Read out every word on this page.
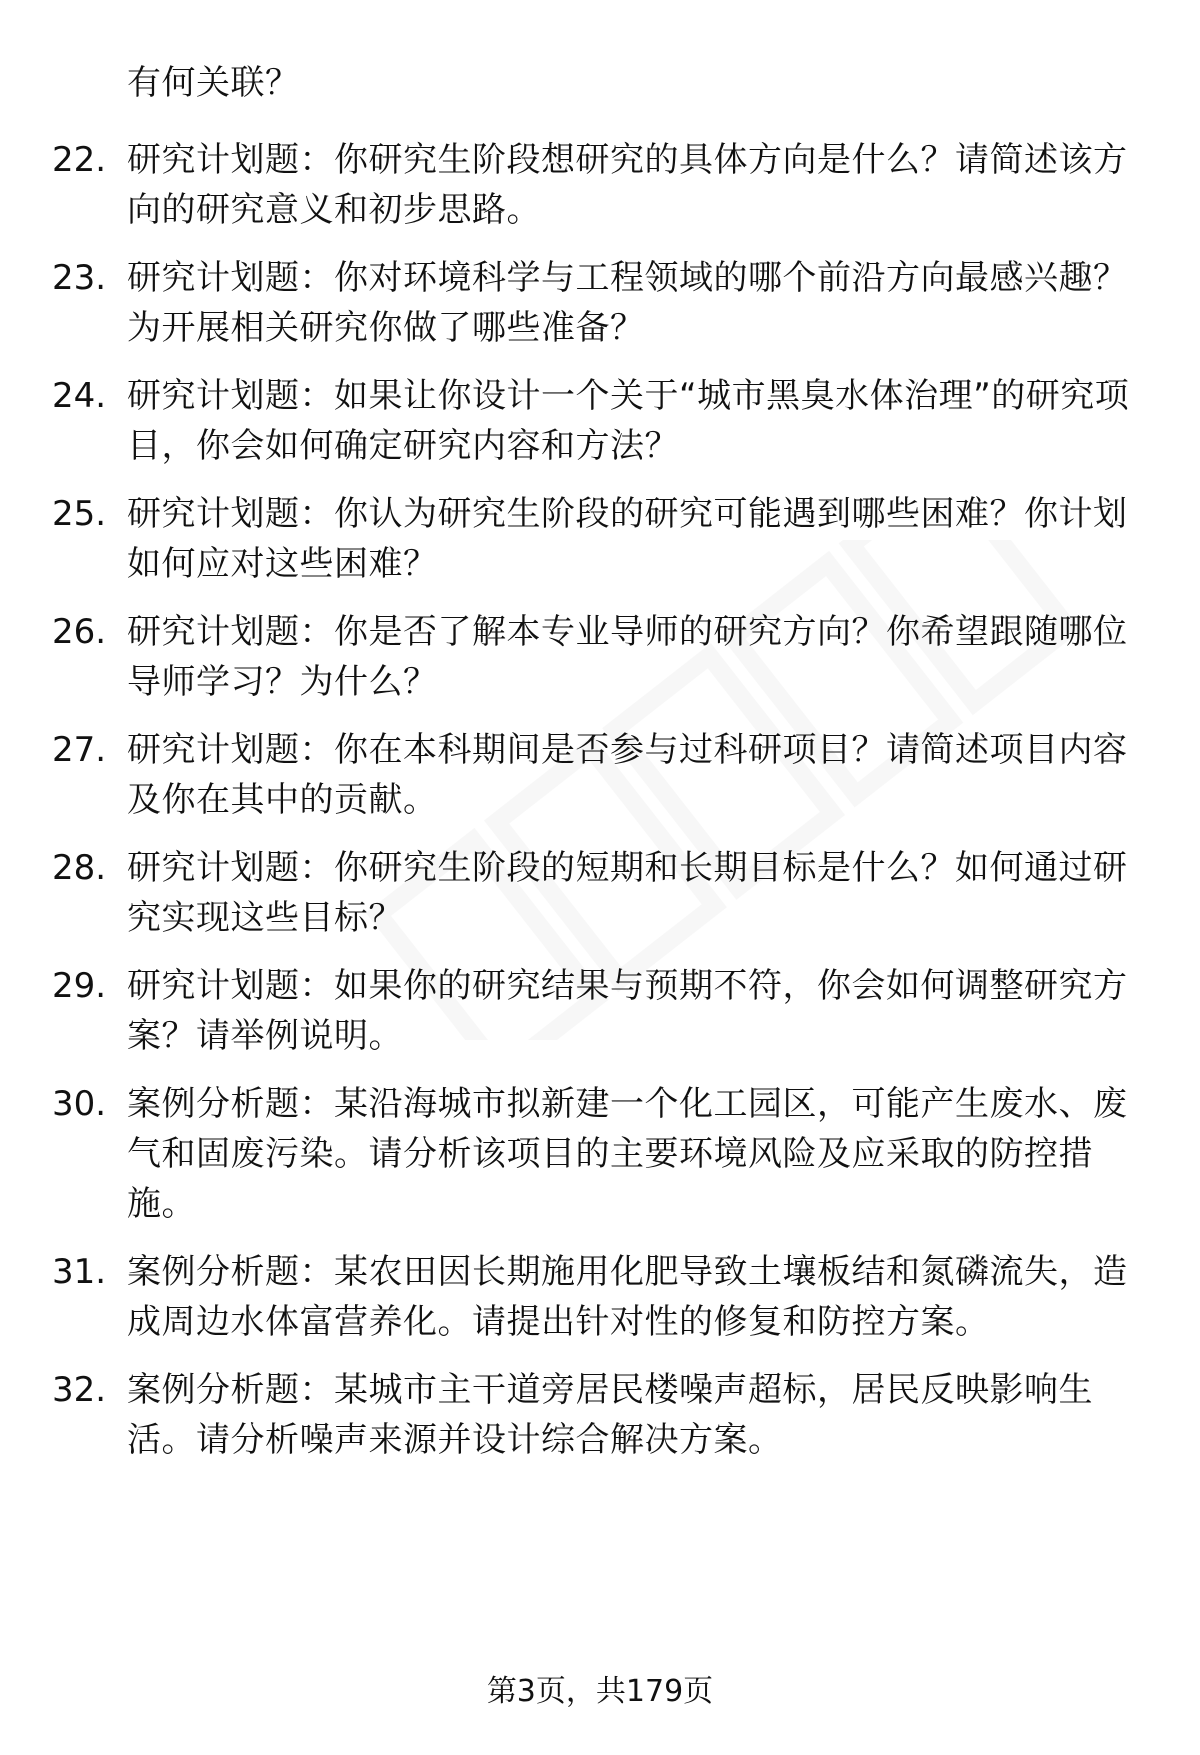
有何关联？
22. 研究计划题：你研究生阶段想研究的具体方向是什么？请简述该方向的研究意义和初步思路。
23. 研究计划题：你对环境科学与工程领域的哪个前沿方向最感兴趣？为开展相关研究你做了哪些准备？
24. 研究计划题：如果让你设计一个关于“城市黑臭水体治理”的研究项目，你会如何确定研究内容和方法？
25. 研究计划题：你认为研究生阶段的研究可能遇到哪些困难？你计划如何应对这些困难？
26. 研究计划题：你是否了解本专业导师的研究方向？你希望跟随哪位导师学习？为什么？
27. 研究计划题：你在本科期间是否参与过科研项目？请简述项目内容及你在其中的贡献。
28. 研究计划题：你研究生阶段的短期和长期目标是什么？如何通过研究实现这些目标？
29. 研究计划题：如果你的研究结果与预期不符，你会如何调整研究方案？请举例说明。
30. 案例分析题：某沿海城市拟新建一个化工园区，可能产生废水、废气和固废污染。请分析该项目的主要环境风险及应采取的防控措施。
31. 案例分析题：某农田因长期施用化肥导致土壤板结和氮磷流失，造成周边水体富营养化。请提出针对性的修复和防控方案。
32. 案例分析题：某城市主干道旁居民楼噪声超标，居民反映影响生活。请分析噪声来源并设计综合解决方案。
第3页，共179页
